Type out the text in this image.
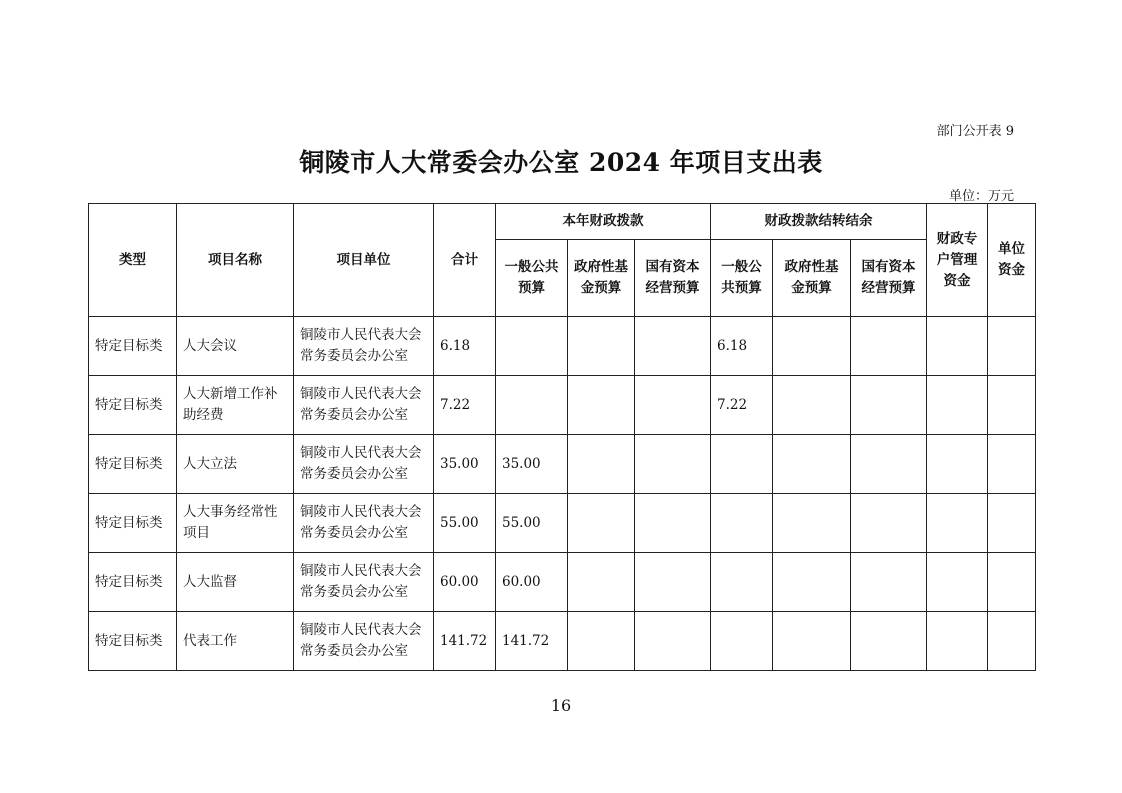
部门公开表 9
铜陵市人大常委会办公室 2024 年项目支出表
单位：万元
类型	项目名称	项目单位	合计	本年财政拨款			财政拨款结转结余			财政专户管理资金	单位资金
				一般公共预算	政府性基金预算	国有资本经营预算	一般公共预算	政府性基金预算	国有资本经营预算		
特定目标类	人大会议	铜陵市人民代表大会常务委员会办公室	6.18				6.18				
特定目标类	人大新增工作补助经费	铜陵市人民代表大会常务委员会办公室	7.22				7.22				
特定目标类	人大立法	铜陵市人民代表大会常务委员会办公室	35.00	35.00							
特定目标类	人大事务经常性项目	铜陵市人民代表大会常务委员会办公室	55.00	55.00							
特定目标类	人大监督	铜陵市人民代表大会常务委员会办公室	60.00	60.00							
特定目标类	代表工作	铜陵市人民代表大会常务委员会办公室	141.72	141.72							
16
